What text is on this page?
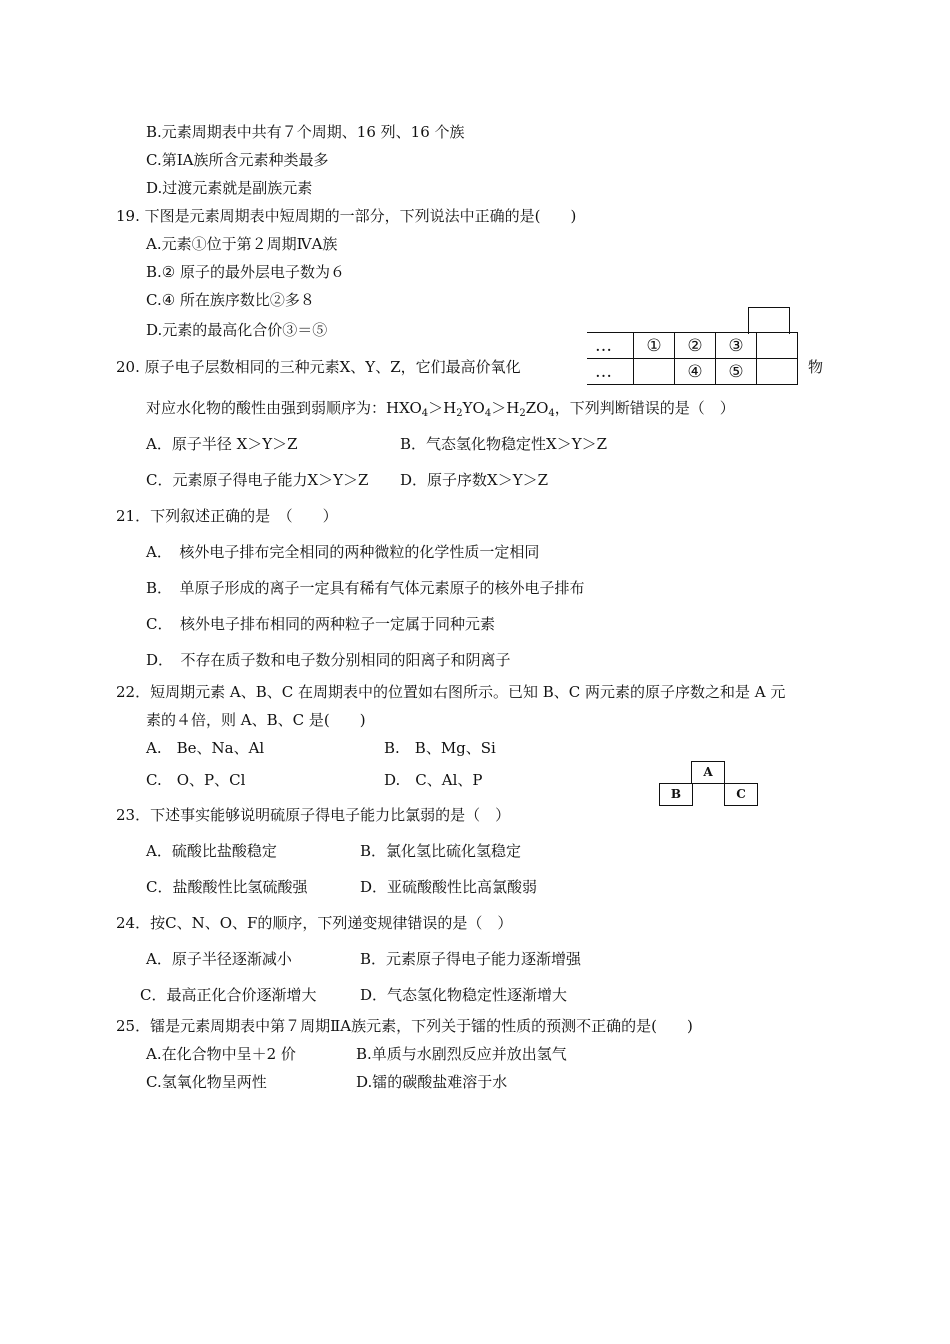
B.元素周期表中共有７个周期、16 列、16 个族
C.第ⅠA族所含元素种类最多
D.过渡元素就是副族元素
19. 下图是元素周期表中短周期的一部分，下列说法中正确的是(　　)
A.元素①位于第２周期ⅣA族
B.② 原子的最外层电子数为６
C.④ 所在族序数比②多８
D.元素的最高化合价③＝⑤
…	①	②	③	
…		④	⑤	
20. 原子电子层数相同的三种元素X、Y、Z，它们最高价氧化	物
对应水化物的酸性由强到弱顺序为：$HXO_4>H_2YO_4>H_2ZO_4$，下列判断错误的是（　）
A．原子半径 X＞Y＞Z	B．气态氢化物稳定性X＞Y＞Z
C．元素原子得电子能力X＞Y＞Z D．原子序数X＞Y＞Z
21．下列叙述正确的是　（　　）
A．　核外电子排布完全相同的两种微粒的化学性质一定相同
B．　单原子形成的离子一定具有稀有气体元素原子的核外电子排布
C．　核外电子排布相同的两种粒子一定属于同种元素
D．　不存在质子数和电子数分别相同的阳离子和阴离子
22．短周期元素 A、B、C 在周期表中的位置如右图所示。已知 B、C 两元素的原子序数之和是 A 元
素的４倍，则 A、B、C 是(　　)
A.　Be、Na、Al	B.　B、Mg、Si
C.　O、P、Cl	D.　C、Al、P	A
B	C
23．下述事实能够说明硫原子得电子能力比氯弱的是（　）
A．硫酸比盐酸稳定	B．氯化氢比硫化氢稳定
C．盐酸酸性比氢硫酸强	D．亚硫酸酸性比高氯酸弱
24．按C、N、O、F的顺序，下列递变规律错误的是（　）
A．原子半径逐渐减小	B．元素原子得电子能力逐渐增强
C．最高正化合价逐渐增大	D．气态氢化物稳定性逐渐增大
25．镭是元素周期表中第７周期ⅡA族元素，下列关于镭的性质的预测不正确的是(　　)
A.在化合物中呈＋2 价	B.单质与水剧烈反应并放出氢气
C.氢氧化物呈两性	D.镭的碳酸盐难溶于水
